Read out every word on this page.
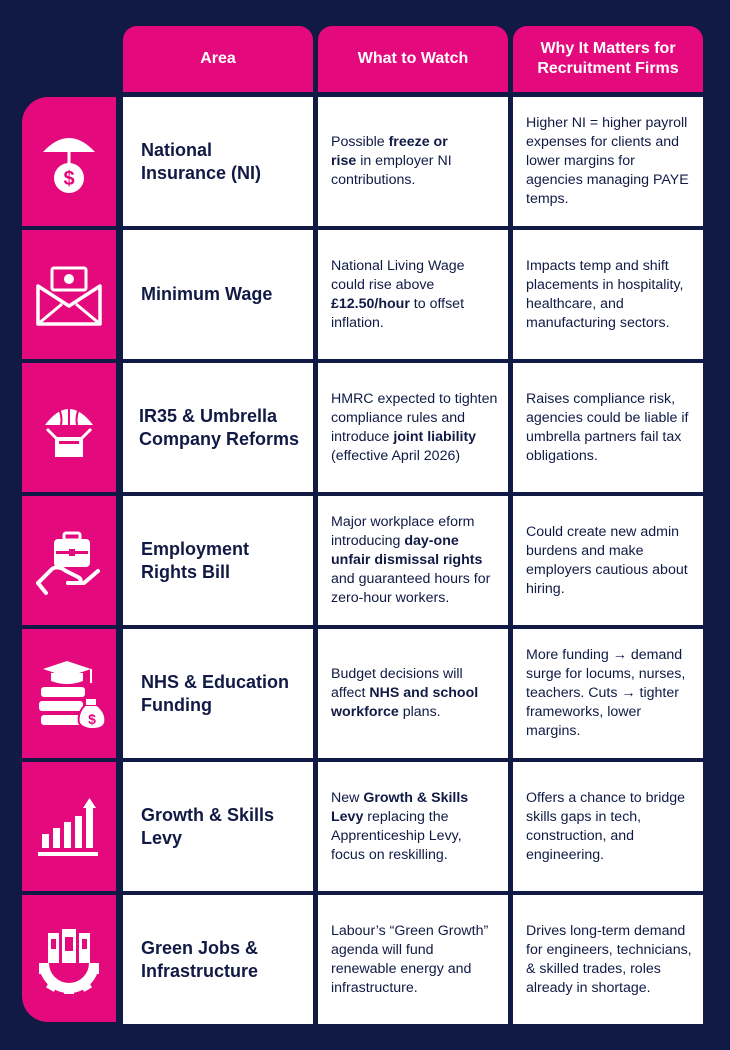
Area	What to Watch
Why It Matters for
Recruitment Firms
$
$
National
Insurance (NI)
Possible freeze or
rise in employer NI contributions.
Higher NI = higher payroll expenses for clients and lower margins for agencies managing PAYE temps.
Minimum Wage
National Living Wage could rise above £12.50/hour to offset inflation.
Impacts temp and shift placements in hospitality, healthcare, and manufacturing sectors.
IR35 & Umbrella
Company Reforms
HMRC expected to tighten compliance rules and introduce joint liability (effective April 2026)
Raises compliance risk, agencies could be liable if umbrella partners fail tax obligations.
Employment
Rights Bill
Major workplace eform introducing day-one unfair dismissal rights and guaranteed hours for zero-hour workers.
Could create new admin burdens and make employers cautious about hiring.
NHS & Education
Funding
Budget decisions will affect NHS and school
workforce plans.
More funding → demand surge for locums, nurses, teachers. Cuts → tighter frameworks, lower margins.
Growth & Skills
Levy
New Growth & Skills Levy replacing the Apprenticeship Levy, focus on reskilling.
Offers a chance to bridge skills gaps in tech, construction, and engineering.
Green Jobs &
Infrastructure
Labour’s “Green Growth” agenda will fund renewable energy and infrastructure.
Drives long-term demand for engineers, technicians, & skilled trades, roles already in shortage.
